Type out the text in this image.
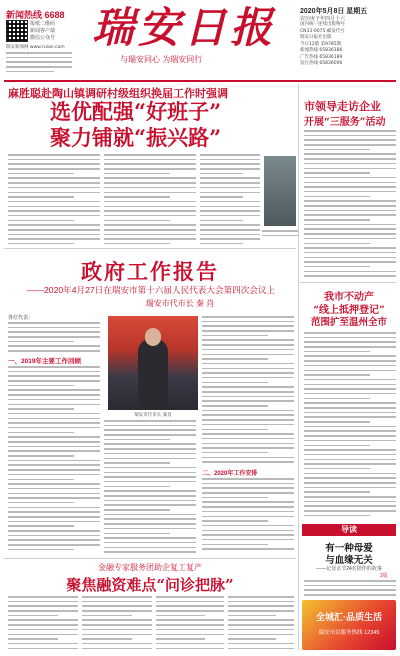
新闻热线 6688
报纸二维码
新闻客户端
微信公众号
瑞安新闻网 www.ruian.com 瑞安日报
与瑞安同心 为瑞安同行
2020年5月8日 星期五
农历庚子年四月十六
国内统一连续出版物号
CN33-0075 邮发代号
瑞安日报社出版
今日12版 第9785期
新闻热线 65836186
广告热线 65836189
发行热线 65836006
麻胜聪赴陶山镇调研村级组织换届工作时强调
选优配强“好班子”
聚力铺就“振兴路”
市领导走访企业
开展“三服务”活动
政府工作报告
——2020年4月27日在瑞安市第十六届人民代表大会第四次会议上
瑞安市代市长 秦 肖
各位代表：
一、2019年主要工作回顾
瑞安市代市长 秦肖
二、2020年工作安排
我市不动产
“线上抵押登记”
范围扩至温州全市
金融专家服务团助企复工复产
聚焦融资难点“问诊把脉”
导读
有一种母爱
与血缘无关
——记母亲节24名陪伴的故事
2版
全城汇·品质生活
瑞安市民服务热线 12345
